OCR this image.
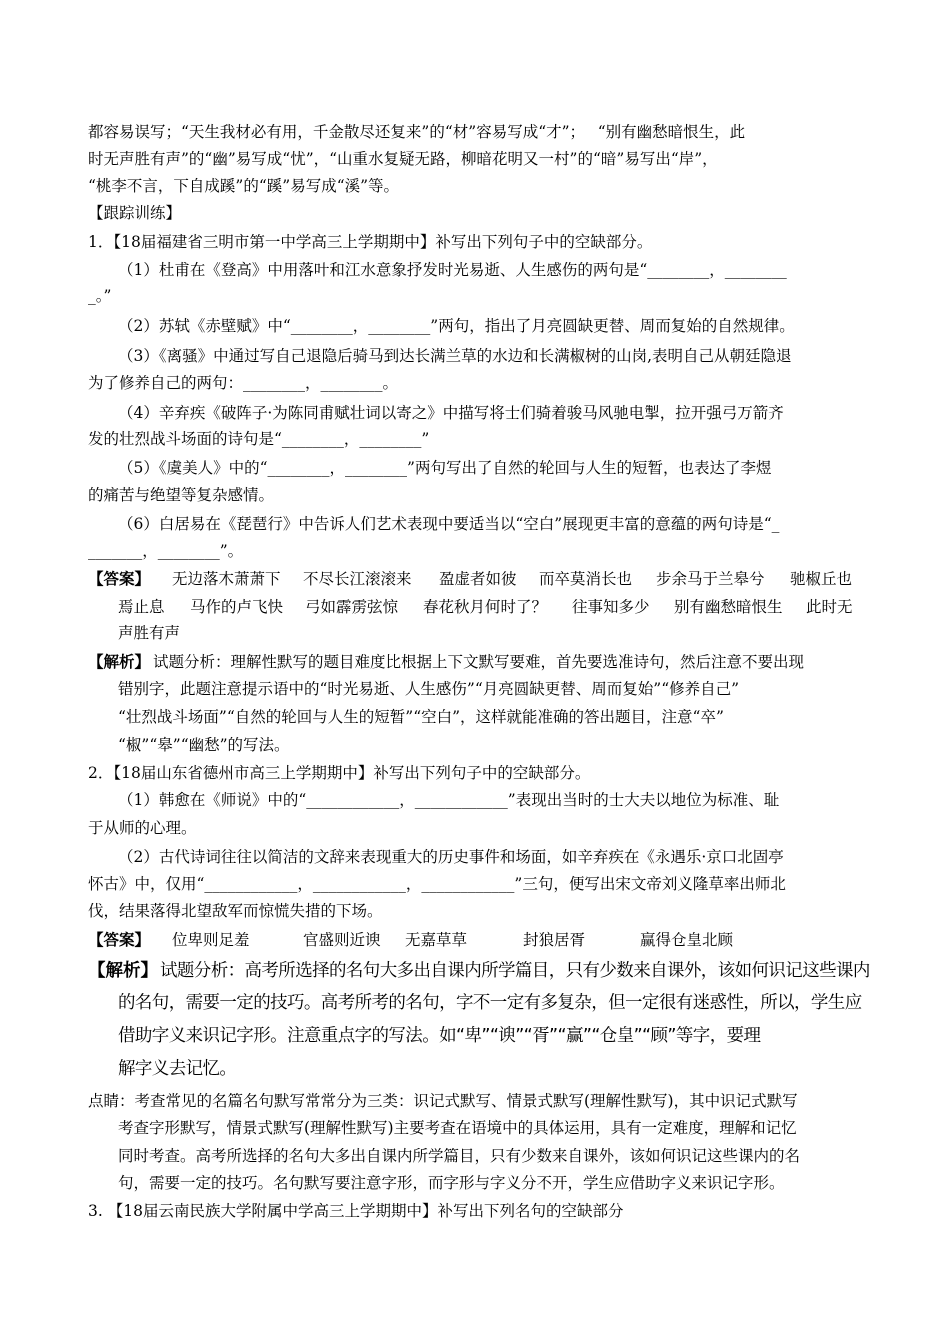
都容易误写；“天生我材必有用，千金散尽还复来”的“材”容易写成“才”；　 “别有幽愁暗恨生，此
时无声胜有声”的“幽”易写成“忧”，“山重水复疑无路，柳暗花明又一村”的“暗”易写出“岸”，
“桃李不言，下自成蹊”的“蹊”易写成“溪”等。
【跟踪训练】
1．【18届福建省三明市第一中学高三上学期期中】补写出下列句子中的空缺部分。
（1）杜甫在《登高》中用落叶和江水意象抒发时光易逝、人生感伤的两句是“________，________
_。”
（2）苏轼《赤壁赋》中“________，________”两句，指出了月亮圆缺更替、周而复始的自然规律。
（3）《离骚》中通过写自己退隐后骑马到达长满兰草的水边和长满椒树的山岗,表明自己从朝廷隐退
为了修养自己的两句：________，________。
（4）辛弃疾《破阵子·为陈同甫赋壮词以寄之》中描写将士们骑着骏马风驰电掣，拉开强弓万箭齐
发的壮烈战斗场面的诗句是“________，________”
（5）《虞美人》中的“________，________”两句写出了自然的轮回与人生的短暂，也表达了李煜
的痛苦与绝望等复杂感情。
（6）白居易在《琵琶行》中告诉人们艺术表现中要适当以“空白”展现更丰富的意蕴的两句诗是“_
_______，________”。
【答案】 无边落木萧萧下 不尽长江滚滚来 盈虚者如彼 而卒莫消长也 步余马于兰皋兮 驰椒丘也
焉止息 马作的卢飞快 弓如霹雳弦惊 春花秋月何时了？ 往事知多少 别有幽愁暗恨生 此时无
声胜有声
【解析】 试题分析：理解性默写的题目难度比根据上下文默写要难，首先要选准诗句，然后注意不要出现
错别字，此题注意提示语中的“时光易逝、人生感伤”“月亮圆缺更替、周而复始”“修养自己”
“壮烈战斗场面”“自然的轮回与人生的短暂”“空白”，这样就能准确的答出题目，注意“卒”
“椒”“皋”“幽愁”的写法。
2．【18届山东省德州市高三上学期期中】补写出下列句子中的空缺部分。
（1）韩愈在《师说》中的“____________，____________”表现出当时的士大夫以地位为标准、耻
于从师的心理。
（2）古代诗词往往以简洁的文辞来表现重大的历史事件和场面，如辛弃疾在《永遇乐·京口北固亭
怀古》中，仅用“____________，____________，____________”三句，便写出宋文帝刘义隆草率出师北
伐，结果落得北望敌军而惊慌失措的下场。
【答案】 位卑则足羞	官盛则近谀 无嘉草草	封狼居胥	赢得仓皇北顾
【解析】 试题分析：高考所选择的名句大多出自课内所学篇目，只有少数来自课外，该如何识记这些课内
的名句，需要一定的技巧。高考所考的名句，字不一定有多复杂，但一定很有迷惑性，所以，学生应
借助字义来识记字形。注意重点字的写法。如“卑”“谀”“胥”“赢”“仓皇”“顾”等字，要理
解字义去记忆。
点睛：考查常见的名篇名句默写常常分为三类：识记式默写、情景式默写(理解性默写)，其中识记式默写
考查字形默写，情景式默写(理解性默写)主要考查在语境中的具体运用，具有一定难度，理解和记忆
同时考查。高考所选择的名句大多出自课内所学篇目，只有少数来自课外，该如何识记这些课内的名
句，需要一定的技巧。名句默写要注意字形，而字形与字义分不开，学生应借助字义来识记字形。
3. 【18届云南民族大学附属中学高三上学期期中】补写出下列名句的空缺部分
